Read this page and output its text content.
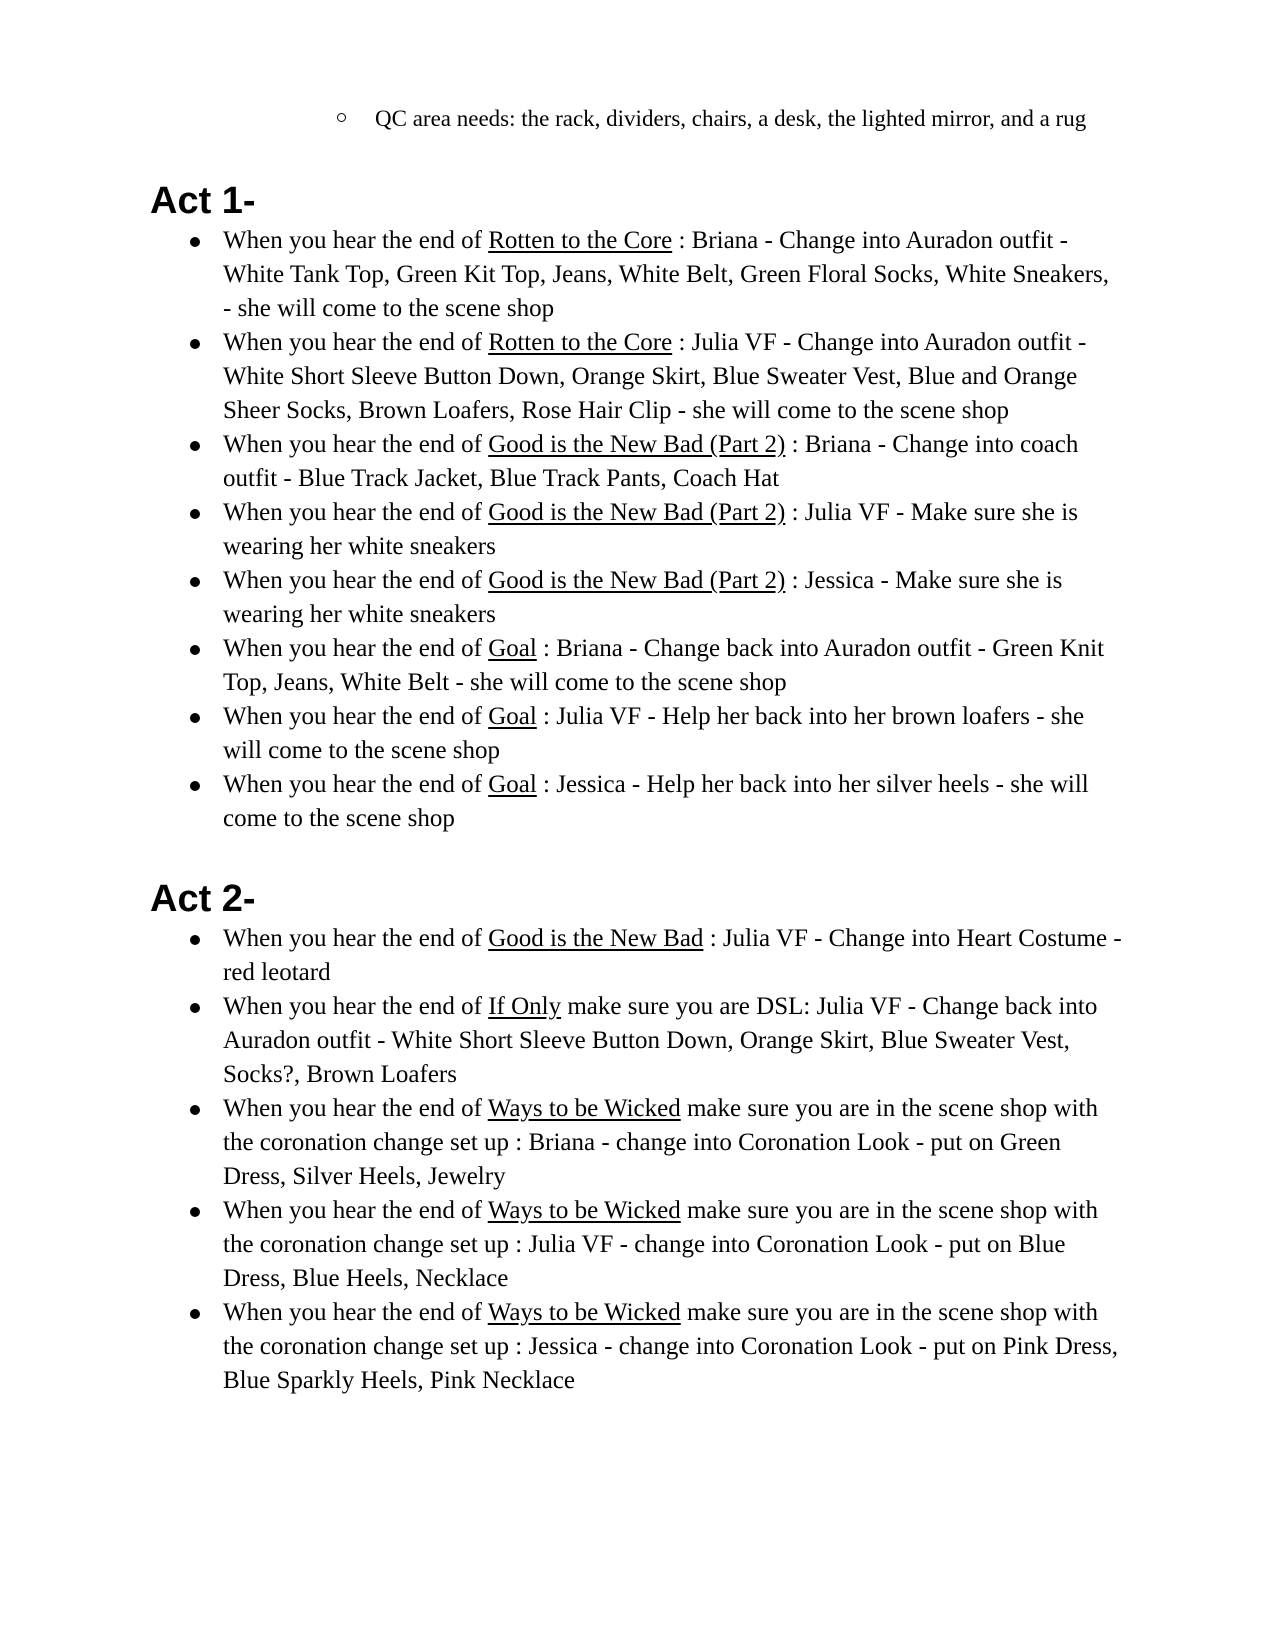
QC area needs: the rack, dividers, chairs, a desk, the lighted mirror, and a rug
Act 1-
When you hear the end of Rotten to the Core : Briana - Change into Auradon outfit - White Tank Top, Green Kit Top, Jeans, White Belt, Green Floral Socks, White Sneakers, - she will come to the scene shop
When you hear the end of Rotten to the Core : Julia VF - Change into Auradon outfit - White Short Sleeve Button Down, Orange Skirt, Blue Sweater Vest, Blue and Orange Sheer Socks, Brown Loafers, Rose Hair Clip - she will come to the scene shop
When you hear the end of Good is the New Bad (Part 2) : Briana - Change into coach outfit - Blue Track Jacket, Blue Track Pants, Coach Hat
When you hear the end of Good is the New Bad (Part 2) : Julia VF - Make sure she is wearing her white sneakers
When you hear the end of Good is the New Bad (Part 2) : Jessica - Make sure she is wearing her white sneakers
When you hear the end of Goal : Briana - Change back into Auradon outfit - Green Knit Top, Jeans, White Belt - she will come to the scene shop
When you hear the end of Goal : Julia VF - Help her back into her brown loafers - she will come to the scene shop
When you hear the end of Goal : Jessica - Help her back into her silver heels - she will come to the scene shop
Act 2-
When you hear the end of Good is the New Bad : Julia VF - Change into Heart Costume - red leotard
When you hear the end of If Only make sure you are DSL: Julia VF - Change back into Auradon outfit - White Short Sleeve Button Down, Orange Skirt, Blue Sweater Vest, Socks?, Brown Loafers
When you hear the end of Ways to be Wicked make sure you are in the scene shop with the coronation change set up : Briana - change into Coronation Look - put on Green Dress, Silver Heels, Jewelry
When you hear the end of Ways to be Wicked make sure you are in the scene shop with the coronation change set up : Julia VF - change into Coronation Look - put on Blue Dress, Blue Heels, Necklace
When you hear the end of Ways to be Wicked make sure you are in the scene shop with the coronation change set up : Jessica - change into Coronation Look - put on Pink Dress, Blue Sparkly Heels, Pink Necklace
